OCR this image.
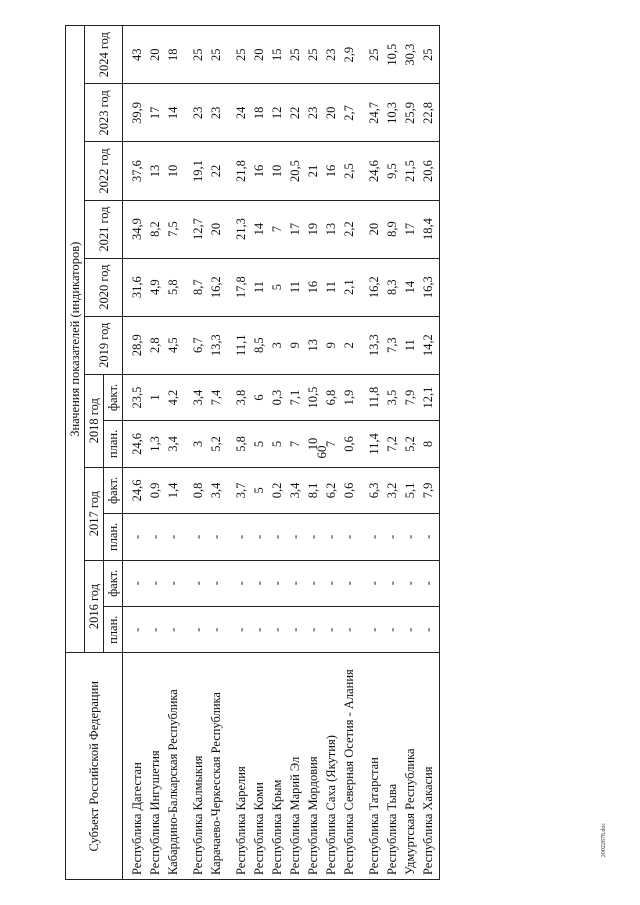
60
Субъект Российской Федерации	Значения показателей (индикаторов)											
	2016 год		2017 год		2018 год		2019 год	2020 год	2021 год	2022 год	2023 год	2024 год
	план.	факт.	план.	факт.	план.	факт.						
Республика Дагестан	-	-	-	24,6	24,6	23,5	28,9	31,6	34,9	37,6	39,9	43
Республика Ингушетия	-	-	-	0,9	1,3	1	2,8	4,9	8,2	13	17	20
Кабардино-Балкарская Республика	-	-	-	1,4	3,4	4,2	4,5	5,8	7,5	10	14	18
Республика Калмыкия	-	-	-	0,8	3	3,4	6,7	8,7	12,7	19,1	23	25
Карачаево-Черкесская Республика	-	-	-	3,4	5,2	7,4	13,3	16,2	20	22	23	25
Республика Карелия	-	-	-	3,7	5,8	3,8	11,1	17,8	21,3	21,8	24	25
Республика Коми	-	-	-	5	5	6	8,5	11	14	16	18	20
Республика Крым	-	-	-	0,2	5	0,3	3	5	7	10	12	15
Республика Марий Эл	-	-	-	3,4	7	7,1	9	11	17	20,5	22	25
Республика Мордовия	-	-	-	8,1	10	10,5	13	16	19	21	23	25
Республика Саха (Якутия)	-	-	-	6,2	7	6,8	9	11	13	16	20	23
Республика Северная Осетия - Алания	-	-	-	0,6	0,6	1,9	2	2,1	2,2	2,5	2,7	2,9
Республика Татарстан	-	-	-	6,3	11,4	11,8	13,3	16,2	20	24,6	24,7	25
Республика Тыва	-	-	-	3,2	7,2	3,5	7,3	8,3	8,9	9,5	10,3	10,5
Удмуртская Республика	-	-	-	5,1	5,2	7,9	11	14	17	21,5	25,9	30,3
Республика Хакасия	-	-	-	7,9	8	12,1	14,2	16,3	18,4	20,6	22,8	25
20022878.doc
